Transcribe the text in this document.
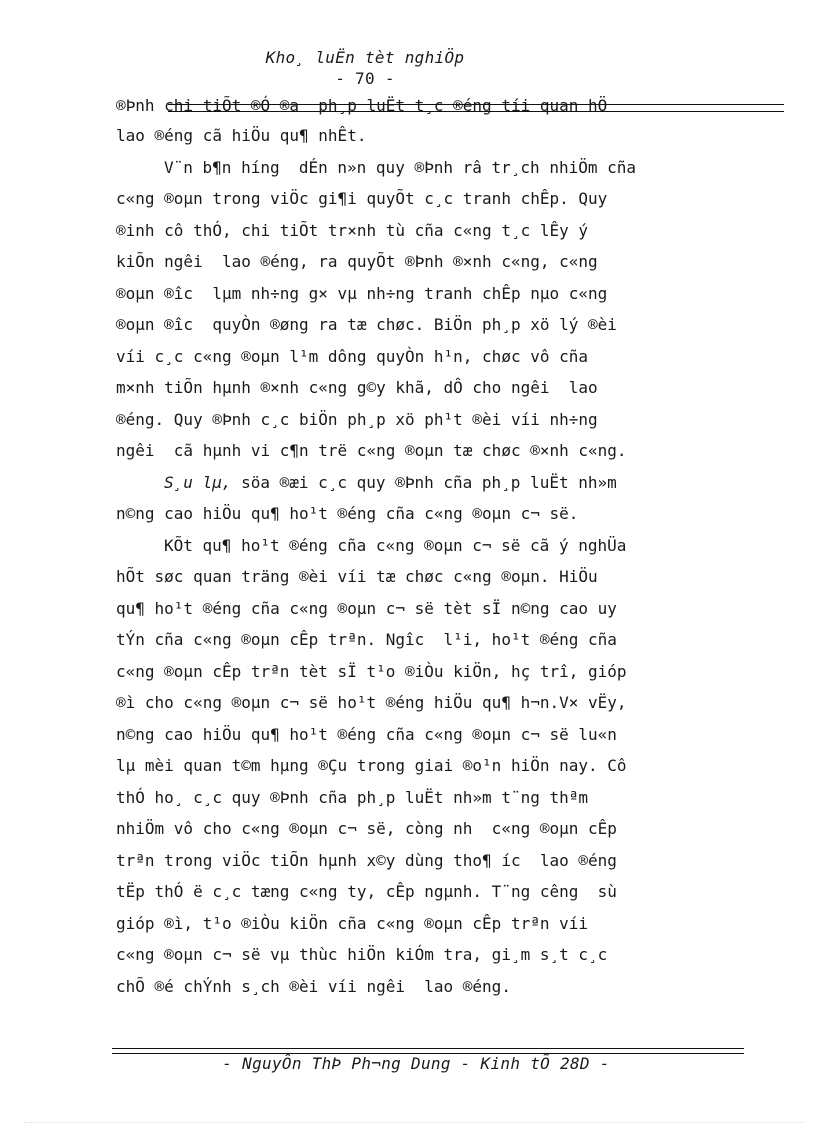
Kho¸ luËn tèt nghiÖp
- 70 -
®Þnh chi tiÕt ®Ó ®a  ph¸p luËt t¸c ®éng tíi quan hÖ

lao ®éng cã hiÖu qu¶ nhÊt.

V¨n b¶n híng  dÉn n»n quy ®Þnh râ tr¸ch nhiÖm cña

c«ng ®oµn trong viÖc gi¶i quyÕt c¸c tranh chÊp. Quy

®inh cô thÓ, chi tiÕt tr×nh tù cña c«ng t¸c lÊy ý

kiÕn ngêi  lao ®éng, ra quyÕt ®Þnh ®×nh c«ng, c«ng

®oµn ®îc  lµm nh÷ng g× vµ nh÷ng tranh chÊp nµo c«ng

®oµn ®îc  quyÒn ®øng ra tæ chøc. BiÖn ph¸p xö lý ®èi

víi c¸c c«ng ®oµn l¹m dông quyÒn h¹n, chøc vô cña

m×nh tiÕn hµnh ®×nh c«ng g©y khã, dÔ cho ngêi  lao

®éng. Quy ®Þnh c¸c biÖn ph¸p xö ph¹t ®èi víi nh÷ng

ngêi  cã hµnh vi c¶n trë c«ng ®oµn tæ chøc ®×nh c«ng.

S¸u lµ, söa ®æi c¸c quy ®Þnh cña ph¸p luËt nh»m

n©ng cao hiÖu qu¶ ho¹t ®éng cña c«ng ®oµn c¬ së.

KÕt qu¶ ho¹t ®éng cña c«ng ®oµn c¬ së cã ý nghÜa

hÕt søc quan träng ®èi víi tæ chøc c«ng ®oµn. HiÖu

qu¶ ho¹t ®éng cña c«ng ®oµn c¬ së tèt sÏ n©ng cao uy

tÝn cña c«ng ®oµn cÊp trªn. Ngîc  l¹i, ho¹t ®éng cña

c«ng ®oµn cÊp trªn tèt sÏ t¹o ®iÒu kiÖn, hç trî, gióp

®ì cho c«ng ®oµn c¬ së ho¹t ®éng hiÖu qu¶ h¬n.V× vËy,

n©ng cao hiÖu qu¶ ho¹t ®éng cña c«ng ®oµn c¬ së lu«n

lµ mèi quan t©m hµng ®Çu trong giai ®o¹n hiÖn nay. Cô

thÓ ho¸ c¸c quy ®Þnh cña ph¸p luËt nh»m t¨ng thªm

nhiÖm vô cho c«ng ®oµn c¬ së, còng nh  c«ng ®oµn cÊp

trªn trong viÖc tiÕn hµnh x©y dùng tho¶ íc  lao ®éng

tËp thÓ ë c¸c tæng c«ng ty, cÊp ngµnh. T¨ng cêng  sù

gióp ®ì, t¹o ®iÒu kiÖn cña c«ng ®oµn cÊp trªn víi

c«ng ®oµn c¬ së vµ thùc hiÖn kiÓm tra, gi¸m s¸t c¸c

chÕ ®é chÝnh s¸ch ®èi víi ngêi  lao ®éng.

- NguyÔn ThÞ Ph¬ng Dung - Kinh tÕ 28D -
